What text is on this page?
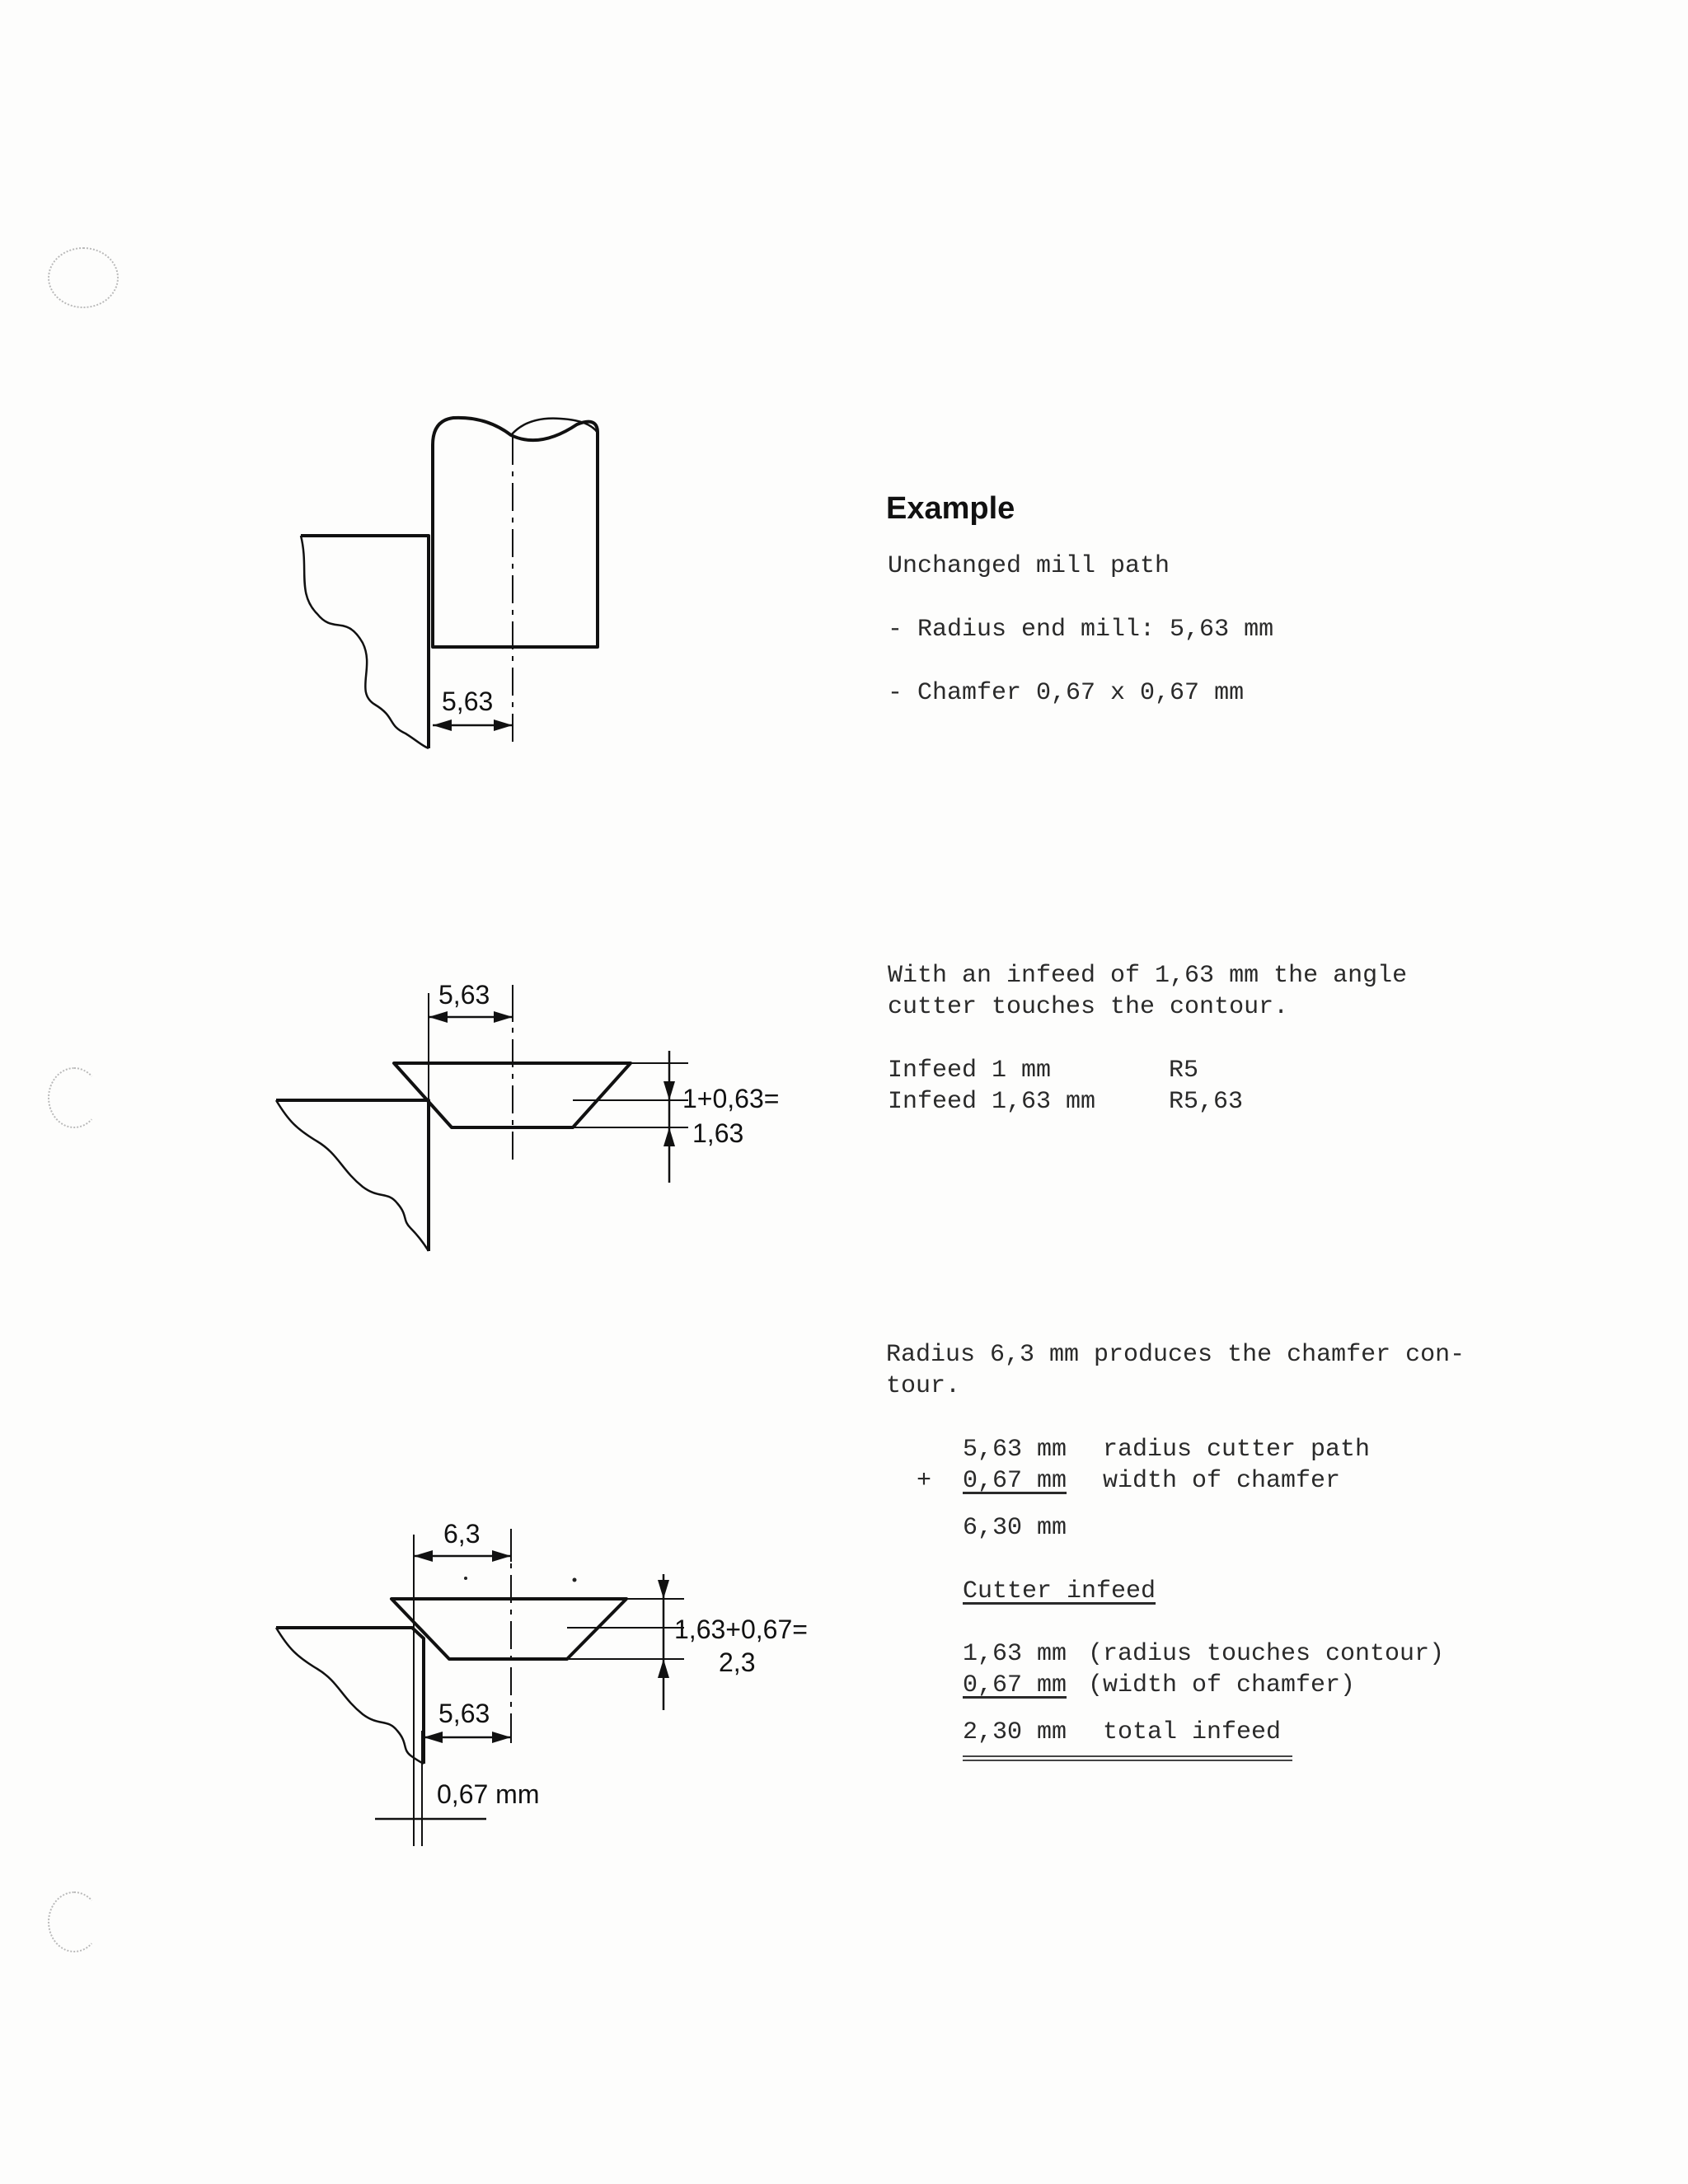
5,63
5,63
1+0,63=
1,63
6,3
1,63+0,67=
2,3
5,63
0,67 mm
Example
Unchanged mill path
- Radius end mill: 5,63 mm
- Chamfer 0,67 x 0,67 mm
With an infeed of 1,63 mm the angle
cutter touches the contour.
Infeed 1 mm	R5
Infeed 1,63 mm	R5,63
Radius 6,3 mm produces the chamfer con-
tour.
5,63 mm radius cutter path
+ 0,67 mm width of chamfer
6,30 mm
Cutter infeed
1,63 mm (radius touches contour)
0,67 mm (width of chamfer)
2,30 mm total infeed
